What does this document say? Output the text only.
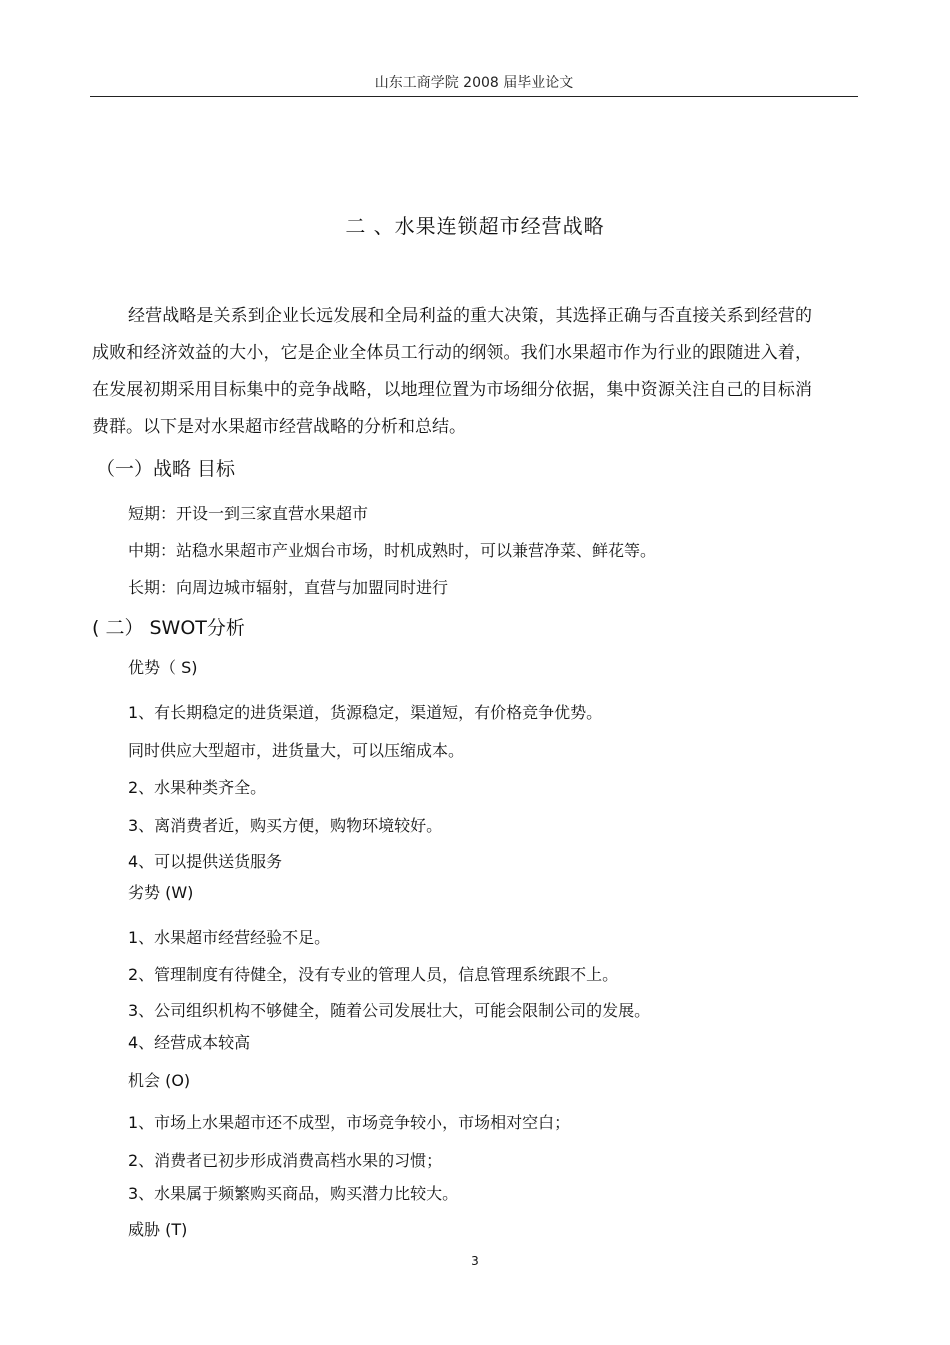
山东工商学院 2008 届毕业论文
二 、水果连锁超市经营战略

经营战略是关系到企业长远发展和全局利益的重大决策，其选择正确与否直接关系到经营的成败和经济效益的大小，它是企业全体员工行动的纲领。我们水果超市作为行业的跟随进入着，在发展初期采用目标集中的竞争战略，以地理位置为市场细分依据，集中资源关注自己的目标消费群。以下是对水果超市经营战略的分析和总结。

（一）战略 目标
短期：开设一到三家直营水果超市
中期：站稳水果超市产业烟台市场，时机成熟时，可以兼营净菜、鲜花等。
长期：向周边城市辐射，直营与加盟同时进行
( 二） SWOT分析
优势（ S)
1、有长期稳定的进货渠道，货源稳定，渠道短，有价格竞争优势。
同时供应大型超市，进货量大，可以压缩成本。
2、水果种类齐全。
3、离消费者近，购买方便，购物环境较好。
4、可以提供送货服务
劣势 (W)
1、水果超市经营经验不足。
2、管理制度有待健全，没有专业的管理人员，信息管理系统跟不上。
3、公司组织机构不够健全，随着公司发展壮大，可能会限制公司的发展。
4、经营成本较高
机会 (O)
1、市场上水果超市还不成型，市场竞争较小，市场相对空白；
2、消费者已初步形成消费高档水果的习惯；
3、水果属于频繁购买商品，购买潜力比较大。
威胁 (T)
3
